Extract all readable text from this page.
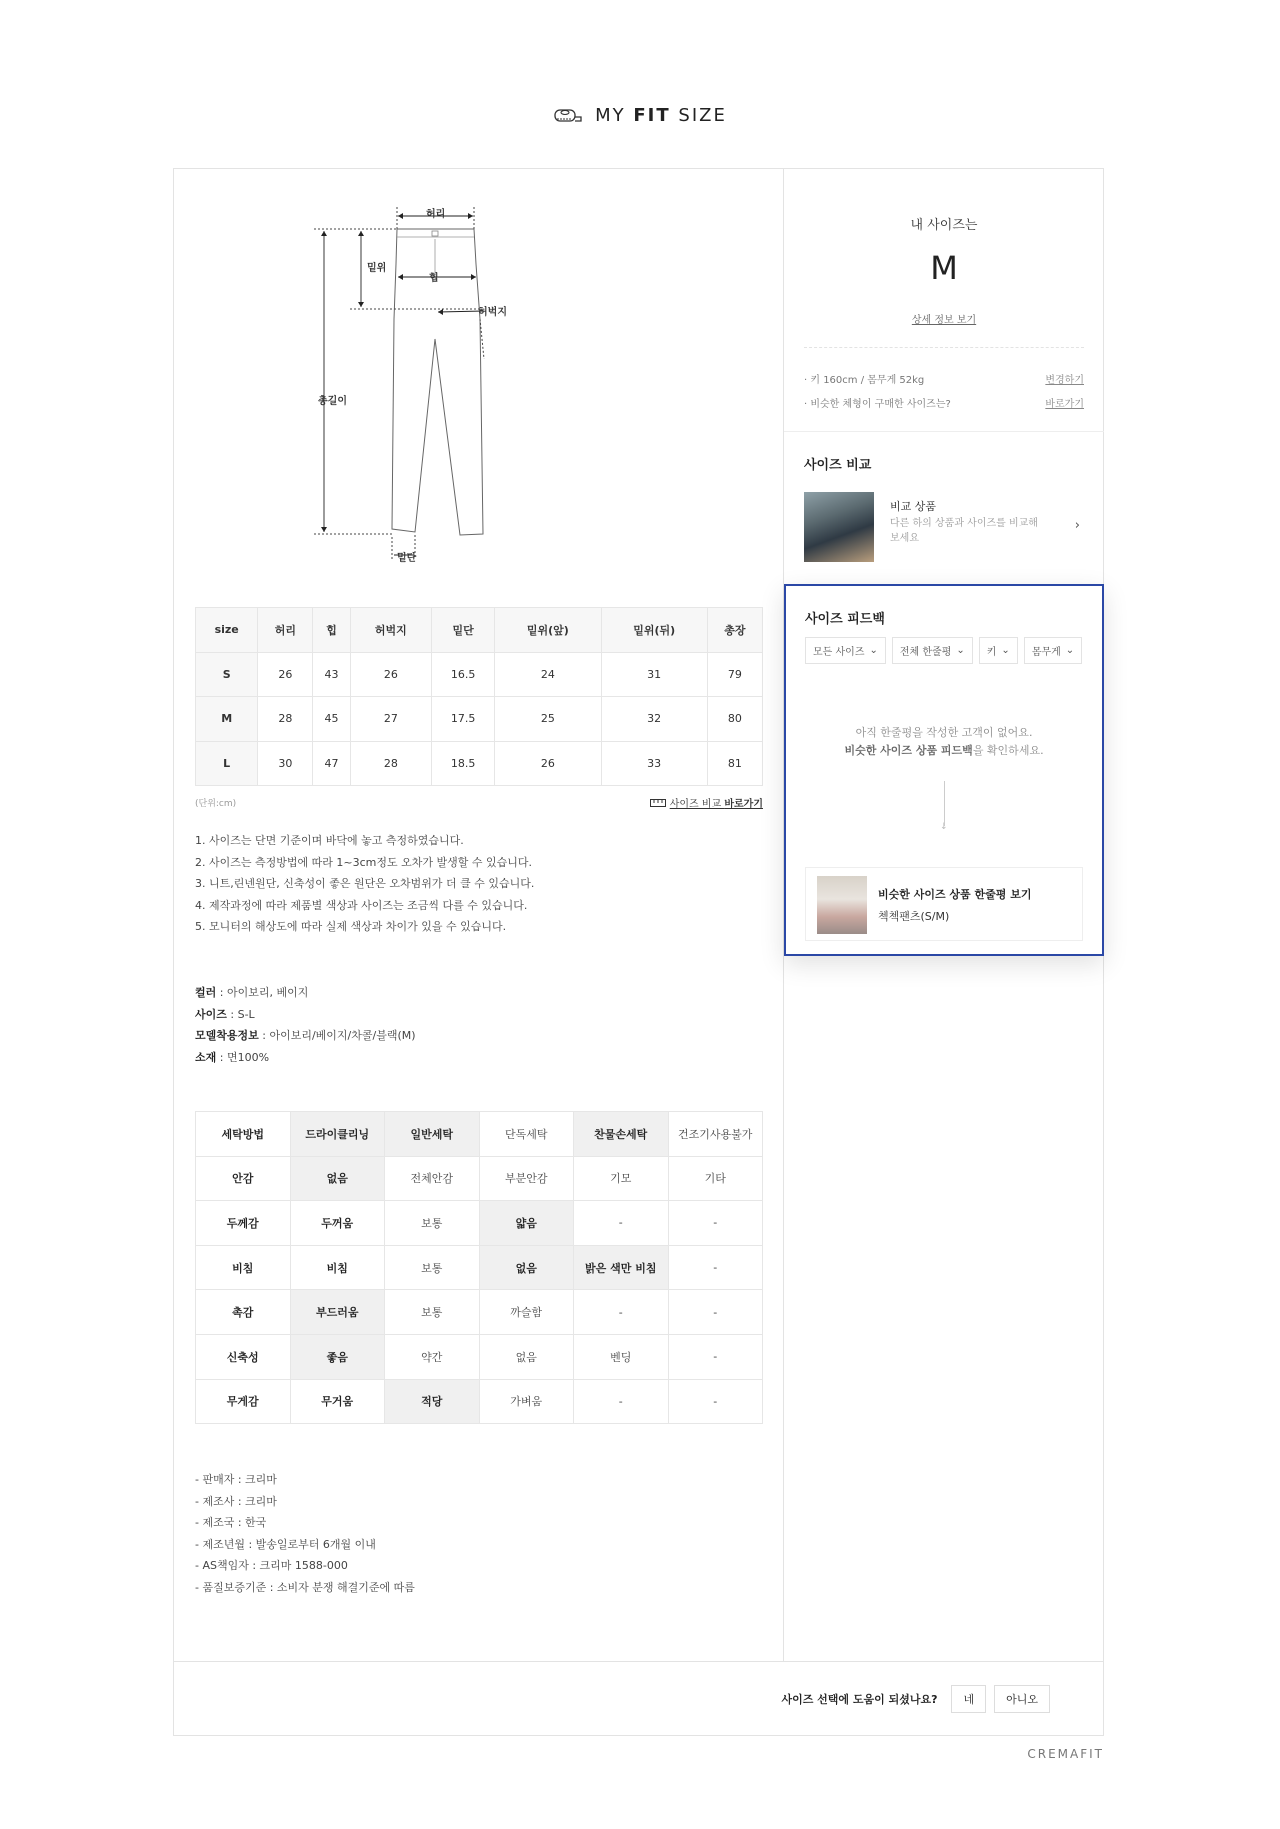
MY FIT SIZE
허리
밑위
힙
허벅지
총길이
밑단
size	허리	힙	허벅지	밑단	밑위(앞)	밑위(뒤)	총장
S	26	43	26	16.5	24	31	79
M	28	45	27	17.5	25	32	80
L	30	47	28	18.5	26	33	81
(단위:cm)	사이즈 비교 바로가기
1. 사이즈는 단면 기준이며 바닥에 놓고 측정하였습니다.
2. 사이즈는 측정방법에 따라 1~3cm정도 오차가 발생할 수 있습니다.
3. 니트,린넨원단, 신축성이 좋은 원단은 오차범위가 더 클 수 있습니다.
4. 제작과정에 따라 제품별 색상과 사이즈는 조금씩 다를 수 있습니다.
5. 모니터의 해상도에 따라 실제 색상과 차이가 있을 수 있습니다.
컬러 : 아이보리, 베이지
사이즈 : S-L
모델착용정보 : 아이보리/베이지/차콜/블랙(M)
소재 : 면100%
세탁방법	드라이클리닝	일반세탁	단독세탁	찬물손세탁	건조기사용불가
안감	없음	전체안감	부분안감	기모	기타
두께감	두꺼움	보통	얇음	-	-
비침	비침	보통	없음	밝은 색만 비침	-
촉감	부드러움	보통	까슬함	-	-
신축성	좋음	약간	없음	벤딩	-
무게감	무거움	적당	가벼움	-	-
- 판매자 : 크리마
- 제조사 : 크리마
- 제조국 : 한국
- 제조년월 : 발송일로부터 6개월 이내
- AS책임자 : 크리마 1588-000
- 품질보증기준 : 소비자 분쟁 해결기준에 따름
내 사이즈는
M
상세 정보 보기
· 키 160cm / 몸무게 52kg	변경하기
· 비슷한 체형이 구매한 사이즈는?	바로가기
사이즈 비교
비교 상품
다른 하의 상품과 사이즈를 비교해 보세요
›
사이즈 피드백
모든 사이즈 ⌄ 전체 한줄평 ⌄ 키 ⌄ 몸무게 ⌄
아직 한줄평을 작성한 고객이 없어요.
비슷한 사이즈 상품 피드백을 확인하세요.
↓
비슷한 사이즈 상품 한줄평 보기
첵첵팬츠(S/M)
사이즈 선택에 도움이 되셨나요?	네	아니오
CREMAFIT
